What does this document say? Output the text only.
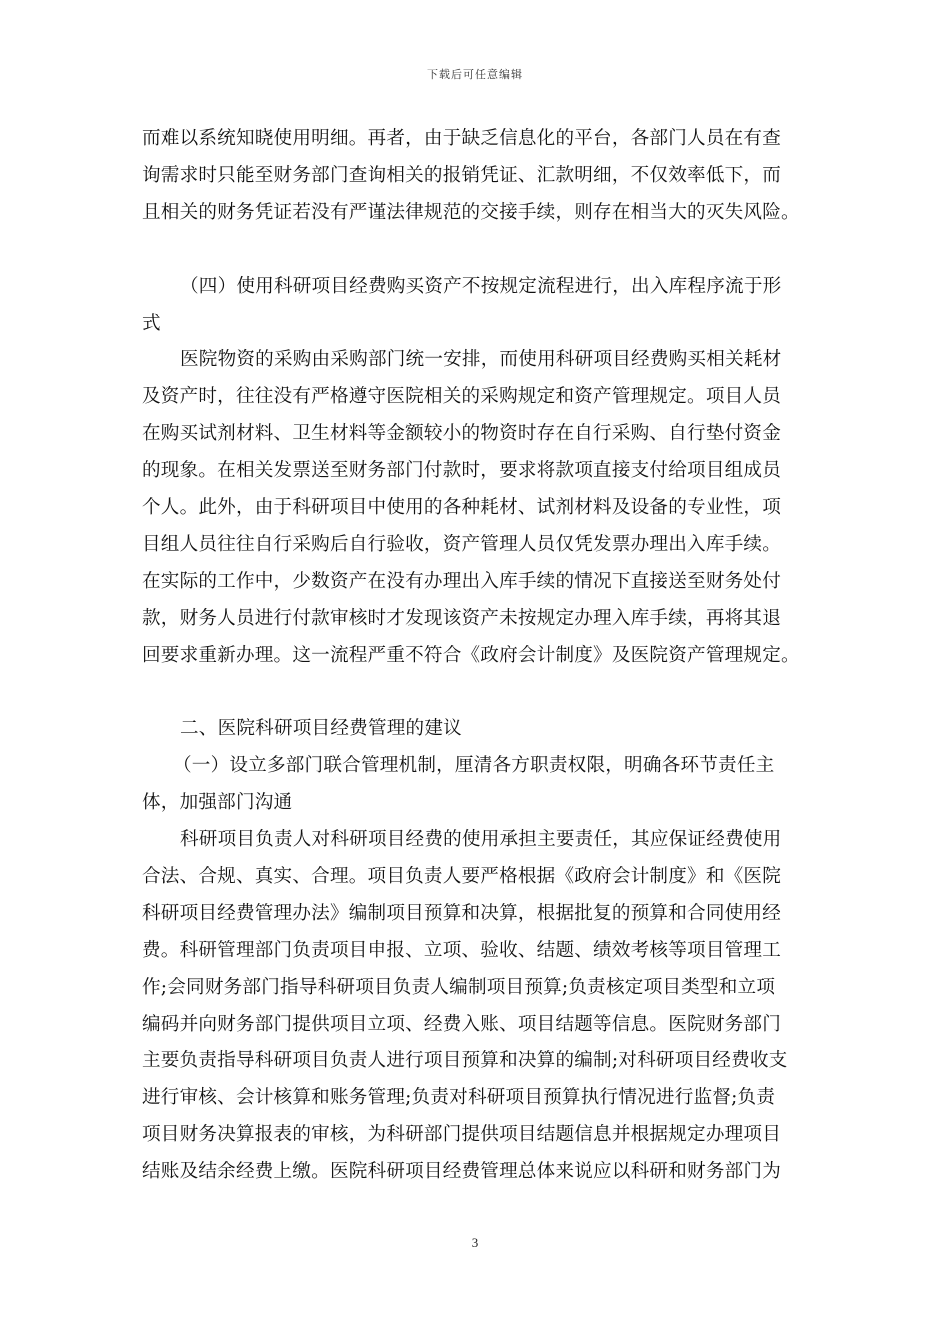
下载后可任意编辑
而难以系统知晓使用明细。再者，由于缺乏信息化的平台，各部门人员在有查
询需求时只能至财务部门查询相关的报销凭证、汇款明细，不仅效率低下，而
且相关的财务凭证若没有严谨法律规范的交接手续，则存在相当大的灭失风险。
（四）使用科研项目经费购买资产不按规定流程进行，出入库程序流于形
式
医院物资的采购由采购部门统一安排，而使用科研项目经费购买相关耗材
及资产时，往往没有严格遵守医院相关的采购规定和资产管理规定。项目人员
在购买试剂材料、卫生材料等金额较小的物资时存在自行采购、自行垫付资金
的现象。在相关发票送至财务部门付款时，要求将款项直接支付给项目组成员
个人。此外，由于科研项目中使用的各种耗材、试剂材料及设备的专业性，项
目组人员往往自行采购后自行验收，资产管理人员仅凭发票办理出入库手续。
在实际的工作中，少数资产在没有办理出入库手续的情况下直接送至财务处付
款，财务人员进行付款审核时才发现该资产未按规定办理入库手续，再将其退
回要求重新办理。这一流程严重不符合《政府会计制度》及医院资产管理规定。
二、医院科研项目经费管理的建议
（一）设立多部门联合管理机制，厘清各方职责权限，明确各环节责任主
体，加强部门沟通
科研项目负责人对科研项目经费的使用承担主要责任，其应保证经费使用
合法、合规、真实、合理。项目负责人要严格根据《政府会计制度》和《医院
科研项目经费管理办法》编制项目预算和决算，根据批复的预算和合同使用经
费。科研管理部门负责项目申报、立项、验收、结题、绩效考核等项目管理工
作;会同财务部门指导科研项目负责人编制项目预算;负责核定项目类型和立项
编码并向财务部门提供项目立项、经费入账、项目结题等信息。医院财务部门
主要负责指导科研项目负责人进行项目预算和决算的编制;对科研项目经费收支
进行审核、会计核算和账务管理;负责对科研项目预算执行情况进行监督;负责
项目财务决算报表的审核，为科研部门提供项目结题信息并根据规定办理项目
结账及结余经费上缴。医院科研项目经费管理总体来说应以科研和财务部门为
3
